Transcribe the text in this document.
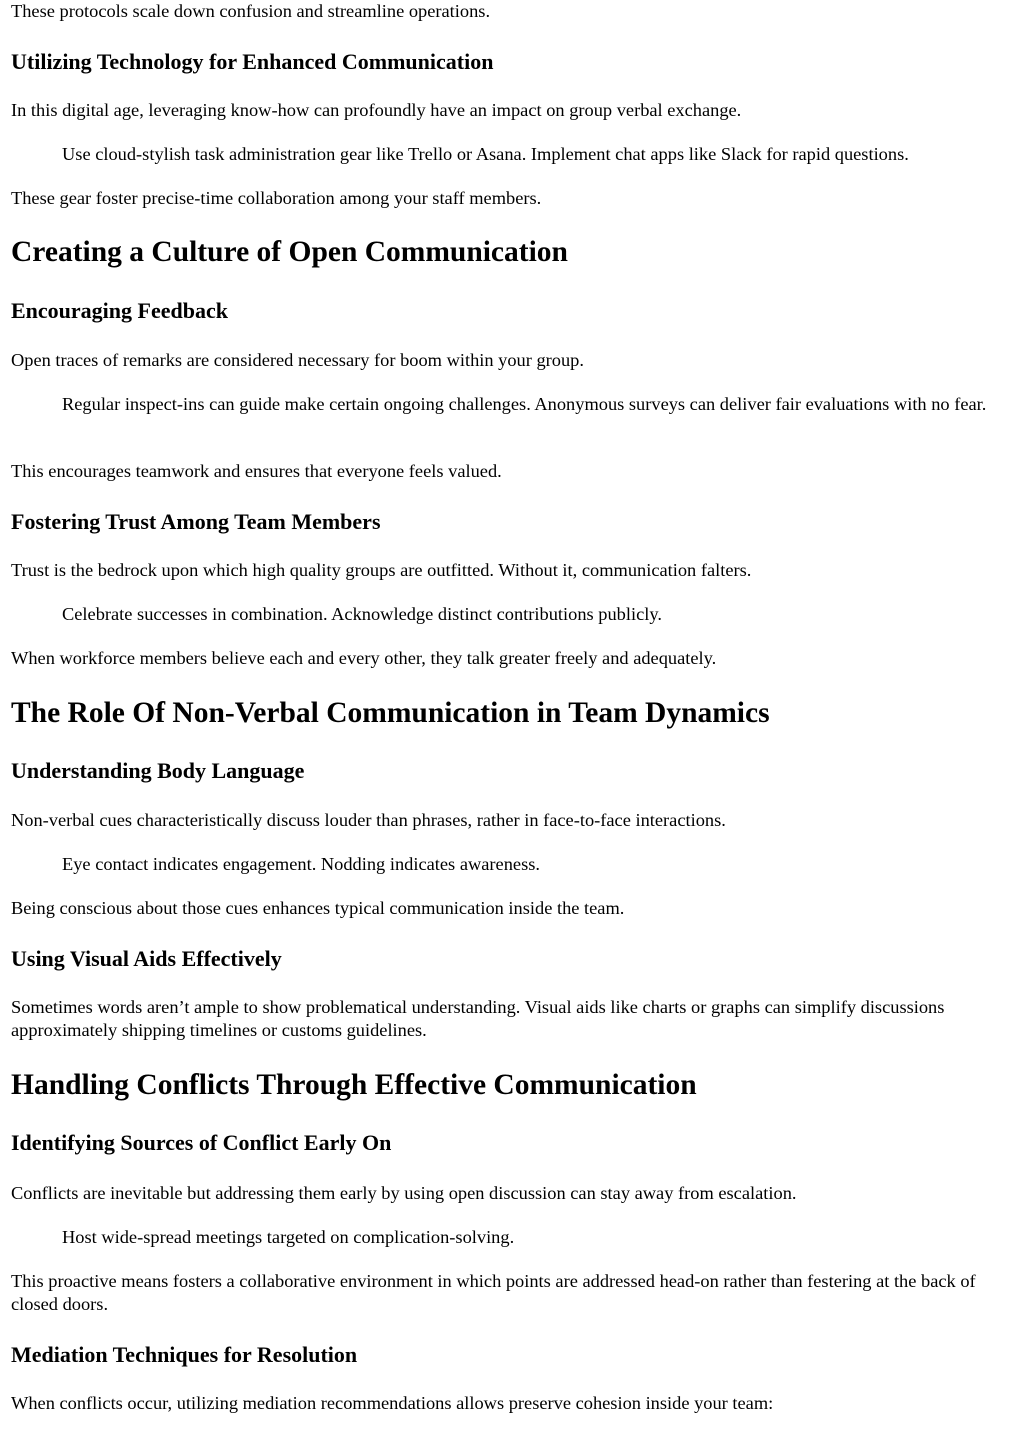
These protocols scale down confusion and streamline operations.

Utilizing Technology for Enhanced Communication

In this digital age, leveraging know-how can profoundly have an impact on group verbal exchange.

Use cloud-stylish task administration gear like Trello or Asana. Implement chat apps like Slack for rapid questions.

These gear foster precise-time collaboration among your staff members.

Creating a Culture of Open Communication
Encouraging Feedback

Open traces of remarks are considered necessary for boom within your group.

Regular inspect-ins can guide make certain ongoing challenges. Anonymous surveys can deliver fair evaluations with no fear.

This encourages teamwork and ensures that everyone feels valued.

Fostering Trust Among Team Members

Trust is the bedrock upon which high quality groups are outfitted. Without it, communication falters.

Celebrate successes in combination. Acknowledge distinct contributions publicly.

When workforce members believe each and every other, they talk greater freely and adequately.

The Role Of Non-Verbal Communication in Team Dynamics
Understanding Body Language

Non-verbal cues characteristically discuss louder than phrases, rather in face-to-face interactions.

Eye contact indicates engagement. Nodding indicates awareness.

Being conscious about those cues enhances typical communication inside the team.

Using Visual Aids Effectively

Sometimes words aren’t ample to show problematical understanding. Visual aids like charts or graphs can simplify discussions approximately shipping timelines or customs guidelines.

Handling Conflicts Through Effective Communication
Identifying Sources of Conflict Early On

Conflicts are inevitable but addressing them early by using open discussion can stay away from escalation.

Host wide-spread meetings targeted on complication-solving.

This proactive means fosters a collaborative environment in which points are addressed head-on rather than festering at the back of closed doors.

Mediation Techniques for Resolution

When conflicts occur, utilizing mediation recommendations allows preserve cohesion inside your team:
